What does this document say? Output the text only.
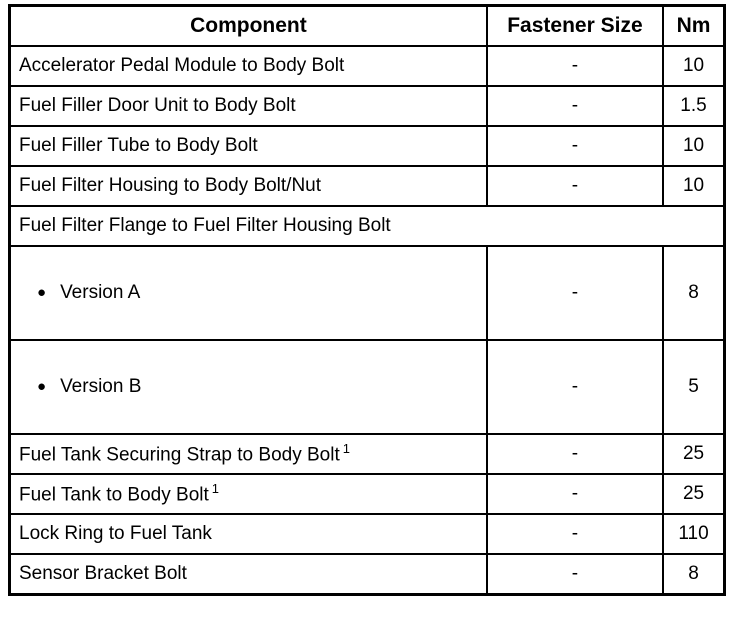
Component	Fastener Size	Nm
Accelerator Pedal Module to Body Bolt	-	10
Fuel Filler Door Unit to Body Bolt	-	1.5
Fuel Filler Tube to Body Bolt	-	10
Fuel Filter Housing to Body Bolt/Nut	-	10
Fuel Filter Flange to Fuel Filter Housing Bolt		

● Version A	-	8

● Version B	-	5
Fuel Tank Securing Strap to Body Bolt $^1$	-	25
Fuel Tank to Body Bolt $^1$	-	25
Lock Ring to Fuel Tank	-	110
Sensor Bracket Bolt	-	8
